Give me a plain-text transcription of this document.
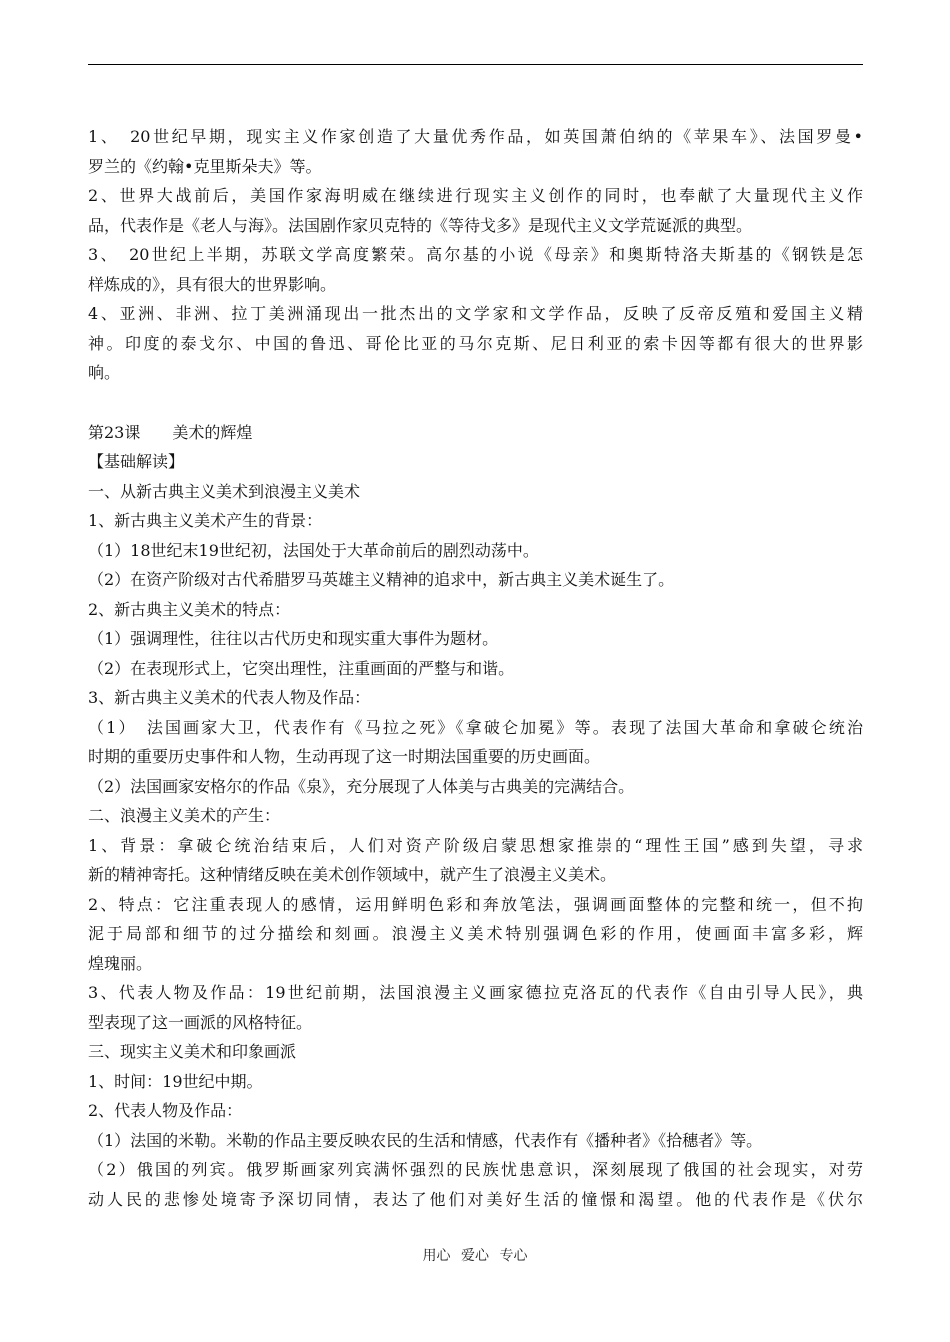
1、　20世纪早期，现实主义作家创造了大量优秀作品，如英国萧伯纳的《苹果车》、法国罗曼•
罗兰的《约翰•克里斯朵夫》等。
2、世界大战前后，美国作家海明威在继续进行现实主义创作的同时，也奉献了大量现代主义作
品，代表作是《老人与海》。法国剧作家贝克特的《等待戈多》是现代主义文学荒诞派的典型。
3、　20世纪上半期，苏联文学高度繁荣。高尔基的小说《母亲》和奥斯特洛夫斯基的《钢铁是怎
样炼成的》，具有很大的世界影响。
4、亚洲、非洲、拉丁美洲涌现出一批杰出的文学家和文学作品，反映了反帝反殖和爱国主义精
神。印度的泰戈尔、中国的鲁迅、哥伦比亚的马尔克斯、尼日利亚的索卡因等都有很大的世界影
响。
第23课　　美术的辉煌
【基础解读】
一、从新古典主义美术到浪漫主义美术
1、新古典主义美术产生的背景：
（1）18世纪末19世纪初，法国处于大革命前后的剧烈动荡中。
（2）在资产阶级对古代希腊罗马英雄主义精神的追求中，新古典主义美术诞生了。
2、新古典主义美术的特点：
（1）强调理性，往往以古代历史和现实重大事件为题材。
（2）在表现形式上，它突出理性，注重画面的严整与和谐。
3、新古典主义美术的代表人物及作品：
（1）　法国画家大卫，代表作有《马拉之死》《拿破仑加冕》等。表现了法国大革命和拿破仑统治
时期的重要历史事件和人物，生动再现了这一时期法国重要的历史画面。
（2）法国画家安格尔的作品《泉》，充分展现了人体美与古典美的完满结合。
二、浪漫主义美术的产生：
1、背景：拿破仑统治结束后，人们对资产阶级启蒙思想家推崇的“理性王国”感到失望，寻求
新的精神寄托。这种情绪反映在美术创作领域中，就产生了浪漫主义美术。
2、特点：它注重表现人的感情，运用鲜明色彩和奔放笔法，强调画面整体的完整和统一，但不拘
泥于局部和细节的过分描绘和刻画。浪漫主义美术特别强调色彩的作用，使画面丰富多彩，辉
煌瑰丽。
3、代表人物及作品：19世纪前期，法国浪漫主义画家德拉克洛瓦的代表作《自由引导人民》，典
型表现了这一画派的风格特征。
三、现实主义美术和印象画派
1、时间：19世纪中期。
2、代表人物及作品：
（1）法国的米勒。米勒的作品主要反映农民的生活和情感，代表作有《播种者》《拾穗者》等。
（2）俄国的列宾。俄罗斯画家列宾满怀强烈的民族忧患意识，深刻展现了俄国的社会现实，对劳
动人民的悲惨处境寄予深切同情，表达了他们对美好生活的憧憬和渴望。他的代表作是《伏尔
用心 爱心 专心
